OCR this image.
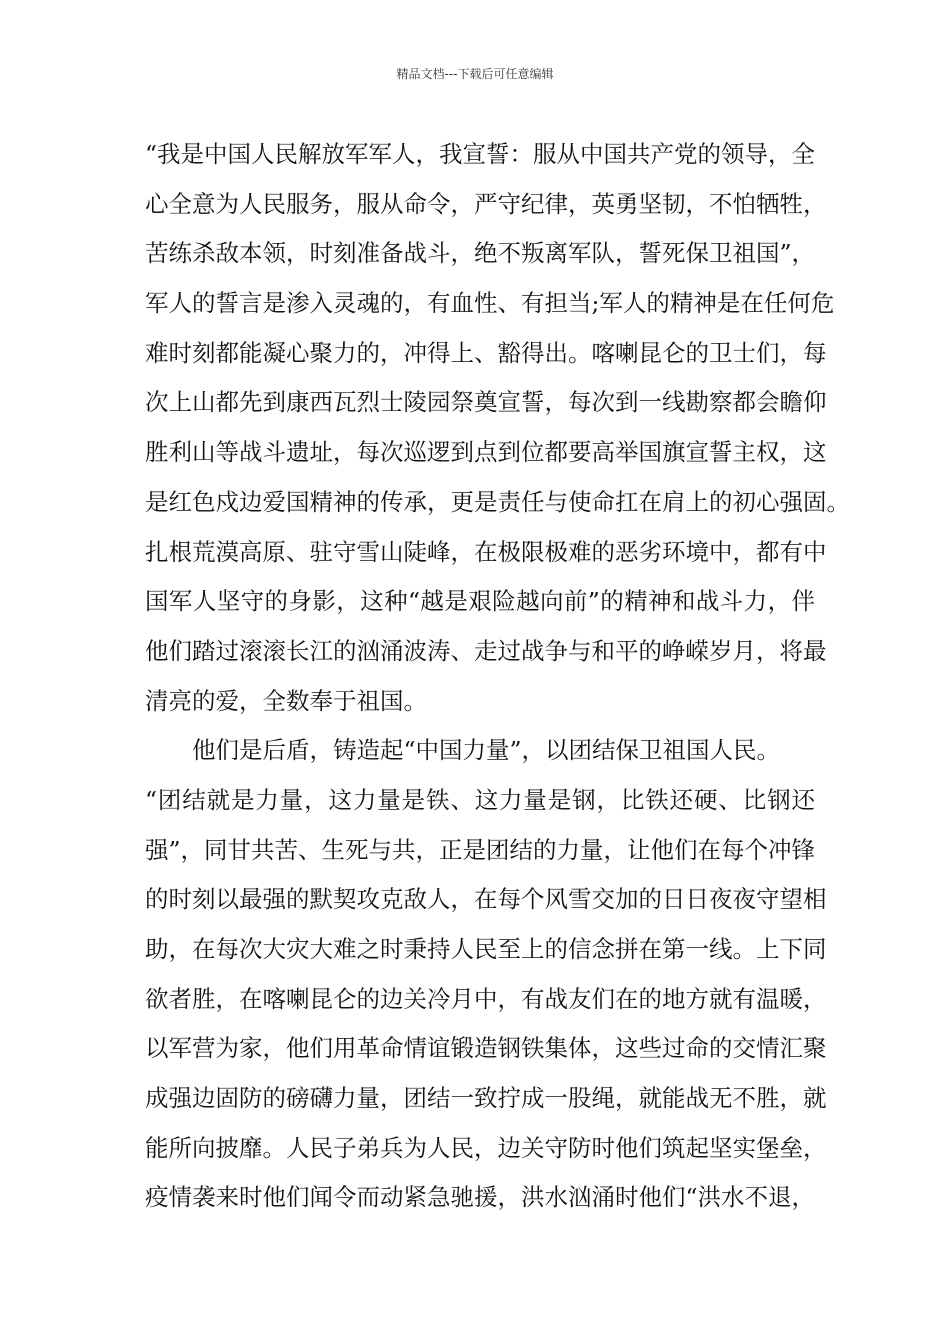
精品文档---下载后可任意编辑
“我是中国人民解放军军人，我宣誓：服从中国共产党的领导，全
心全意为人民服务，服从命令，严守纪律，英勇坚韧，不怕牺牲，
苦练杀敌本领，时刻准备战斗，绝不叛离军队，誓死保卫祖国”，
军人的誓言是渗入灵魂的，有血性、有担当;军人的精神是在任何危
难时刻都能凝心聚力的，冲得上、豁得出。喀喇昆仑的卫士们，每
次上山都先到康西瓦烈士陵园祭奠宣誓，每次到一线勘察都会瞻仰
胜利山等战斗遗址，每次巡逻到点到位都要高举国旗宣誓主权，这
是红色戍边爱国精神的传承，更是责任与使命扛在肩上的初心强固。
扎根荒漠高原、驻守雪山陡峰，在极限极难的恶劣环境中，都有中
国军人坚守的身影，这种“越是艰险越向前”的精神和战斗力，伴
他们踏过滚滚长江的汹涌波涛、走过战争与和平的峥嵘岁月，将最
清亮的爱，全数奉于祖国。
他们是后盾，铸造起“中国力量”，以团结保卫祖国人民。
“团结就是力量，这力量是铁、这力量是钢，比铁还硬、比钢还
强”，同甘共苦、生死与共，正是团结的力量，让他们在每个冲锋
的时刻以最强的默契攻克敌人，在每个风雪交加的日日夜夜守望相
助，在每次大灾大难之时秉持人民至上的信念拼在第一线。上下同
欲者胜，在喀喇昆仑的边关冷月中，有战友们在的地方就有温暖，
以军营为家，他们用革命情谊锻造钢铁集体，这些过命的交情汇聚
成强边固防的磅礴力量，团结一致拧成一股绳，就能战无不胜，就
能所向披靡。人民子弟兵为人民，边关守防时他们筑起坚实堡垒，
疫情袭来时他们闻令而动紧急驰援，洪水汹涌时他们“洪水不退，
